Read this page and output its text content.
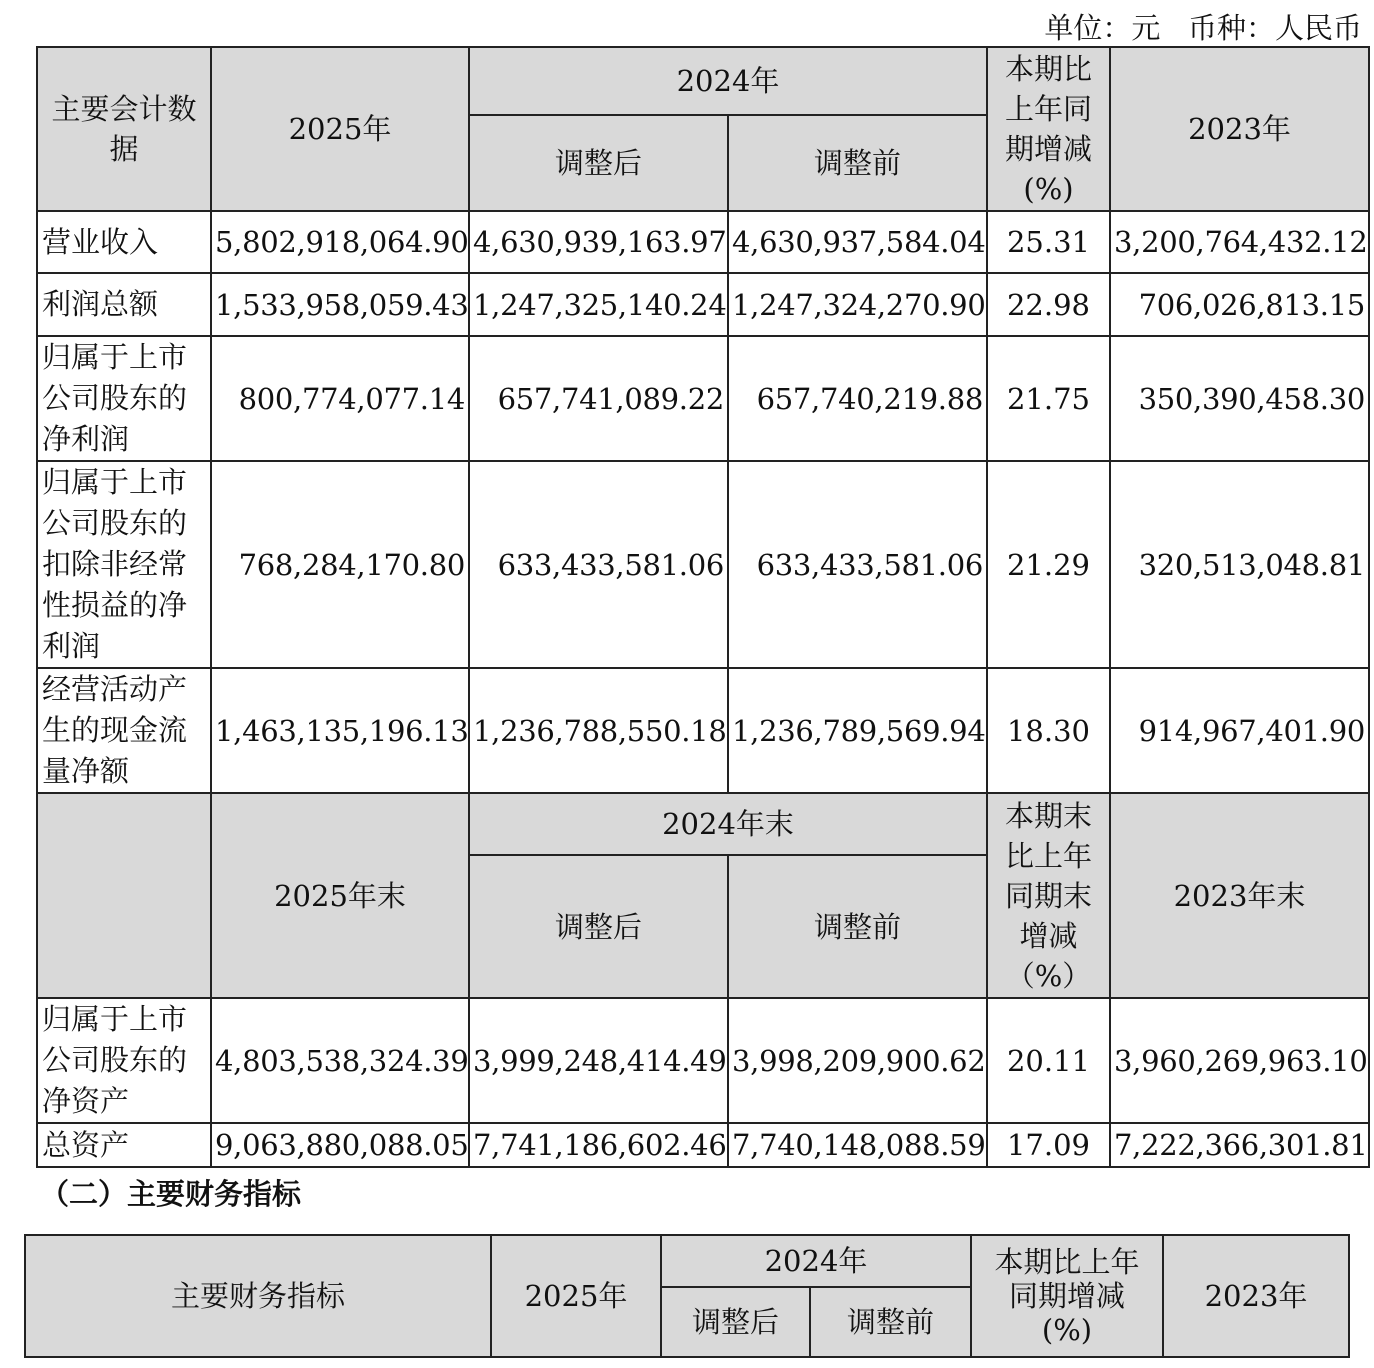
单位：元   币种：人民币
主要会计数据	2025年	2024年		本期比上年同期增减(%)	2023年
		调整后	调整前		
营业收入	5,802,918,064.90	4,630,939,163.97	4,630,937,584.04	25.31	3,200,764,432.12
利润总额	1,533,958,059.43	1,247,325,140.24	1,247,324,270.90	22.98	706,026,813.15
归属于上市公司股东的净利润	800,774,077.14	657,741,089.22	657,740,219.88	21.75	350,390,458.30
归属于上市公司股东的扣除非经常性损益的净利润	768,284,170.80	633,433,581.06	633,433,581.06	21.29	320,513,048.81
经营活动产生的现金流量净额	1,463,135,196.13	1,236,788,550.18	1,236,789,569.94	18.30	914,967,401.90
	2025年末	2024年末		本期末比上年同期末增减（%）	2023年末
		调整后	调整前		
归属于上市公司股东的净资产	4,803,538,324.39	3,999,248,414.49	3,998,209,900.62	20.11	3,960,269,963.10
总资产	9,063,880,088.05	7,741,186,602.46	7,740,148,088.59	17.09	7,222,366,301.81
（二）主要财务指标
主要财务指标	2025年	2024年		本期比上年同期增减(%)	2023年
		调整后	调整前		
